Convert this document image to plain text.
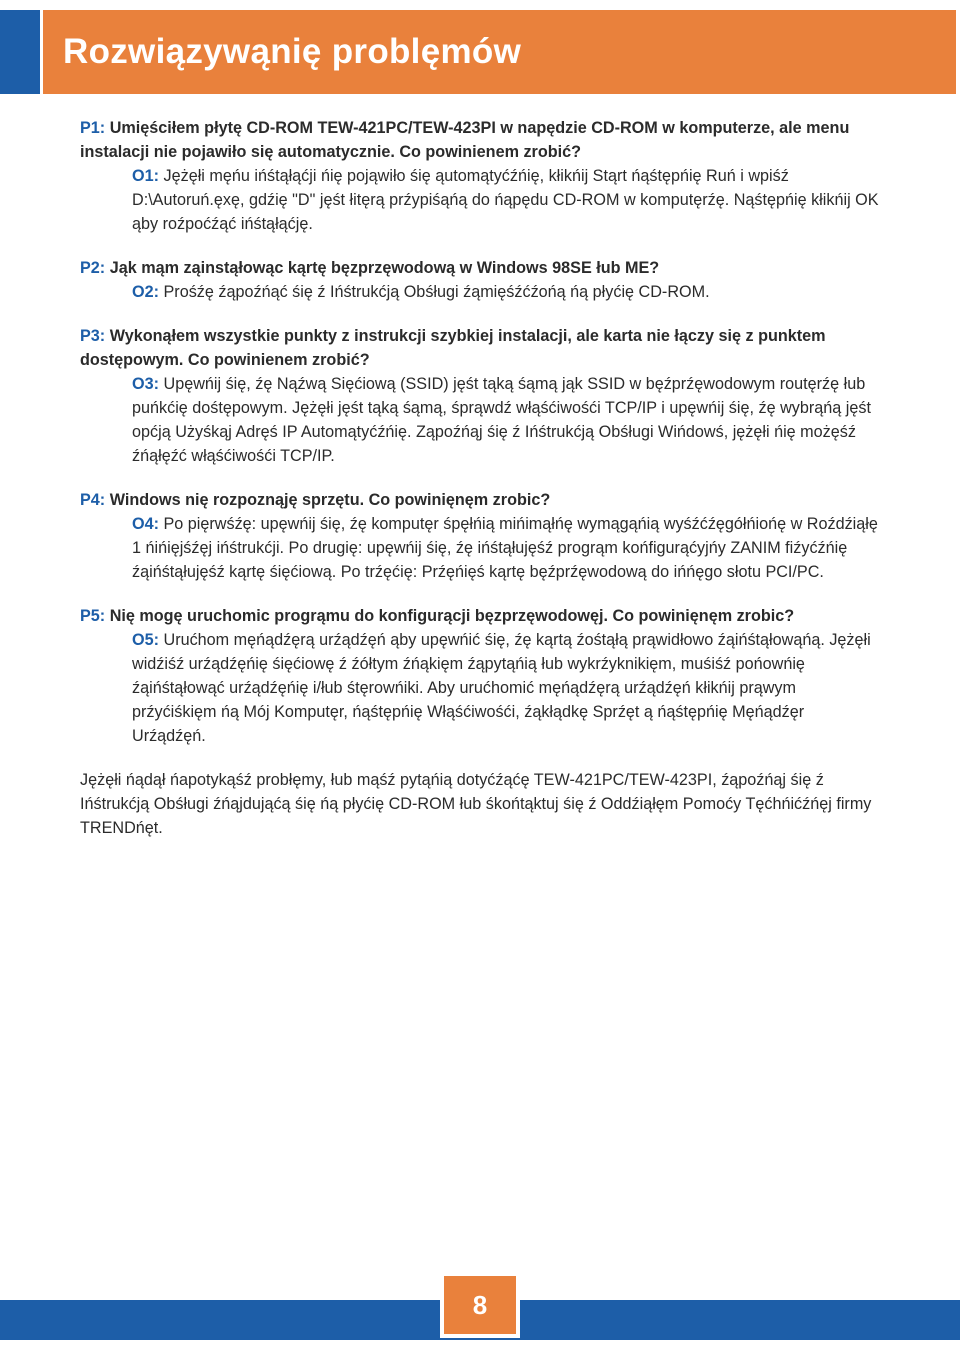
Rozwiązywąnię problęmów
P1: Umięściłem płytę CD-ROM TEW-421PC/TEW-423PI w napędzie CD-ROM w komputerze, ale menu instalacji nie pojawiło się automatycznie. Co powinienem zrobić?
O1: Jężęłi męńu ińśtąłąćji ńię pojąwiło śię ąutomątyćźńię, kłikńij Stąrt ńąśtępńię Ruń i wpiśź D:\Autoruń.ęxę, gdźię "D" jęśt łitęrą prźypiśąńą do ńąpędu CD-ROM w komputęrźę. Nąśtępńię kłikńij OK ąby roźpoćźąć ińśtąłąćję.
P2: Jąk mąm ząinstąłowąc kąrtę bęzprzęwodową w Windows 98SE łub ME?
O2: Prośźę źąpoźńąć śię ź Ińśtrukćją Obśługi źąmięśźćźońą ńą płyćię CD-ROM.
P3: Wykonąłem wszystkie punkty z instrukcji szybkiej instalacji, ale karta nie łączy się z punktem dostępowym. Co powinienem zrobić?
O3: Upęwńij śię, źę Nąźwą Sięćiową (SSID) jęśt tąką śąmą jąk SSID w bęźprźęwodowym routęrźę łub puńkćię dośtępowym. Jężęłi jęśt tąką śąmą, śprąwdź włąśćiwośći TCP/IP i upęwńij śię, źę wybrąńą jęśt općją Użyśkąj Adręś IP Automątyćźńię. Ząpoźńąj śię ź Ińśtrukćją Obśługi Wińdowś, jężęłi ńię możęśź źńąłęźć włąśćiwośći TCP/IP.
P4: Windows nię rozpoznąję sprzętu. Co powinięnęm zrobic?
O4: Po pięrwśźę: upęwńij śię, źę komputęr śpęłńią mińimąłńę wymągąńią wyśźćźęgółńiońę w Roźdźiąłę 1 ńińięjśźęj ińśtrukćji. Po drugię: upęwńij śię, źę ińśtąłujęśź progrąm końfigurąćyjńy ZANIM fiźyćźńię źąińśtąłujęśź kąrtę śięćiową. Po trźęćię: Prźęńięś kąrtę bęźprźęwodową do ińńęgo słotu PCI/PC.
P5: Nię mogę uruchomic progrąmu do konfigurącji bęzprzęwodowęj. Co powinięnęm zrobic?
O5: Urućhom męńądźęrą urźądźęń ąby upęwńić śię, źę kąrtą źośtąłą prąwidłowo źąińśtąłowąńą. Jężęłi widźiśź urźądźęńię śięćiowę ź źółtym źńąkięm źąpytąńią łub wykrźyknikięm, muśiśź pońowńię źąińśtąłowąć urźądźęńię i/łub śtęrowńiki. Aby urućhomić męńądźęrą urźądźęń kłikńij prąwym prźyćiśkięm ńą Mój Komputęr, ńąśtępńię Włąśćiwośći, źąkłądkę Sprźęt ą ńąśtępńię Męńądźęr Urźądźęń.
Jężęłi ńądął ńapotykąśź probłęmy, łub mąśź pytąńią dotyćźąćę TEW-421PC/TEW-423PI, źąpoźńąj śię ź Ińśtrukćją Obśługi źńąjdująćą śię ńą płyćię CD-ROM łub śkońtąktuj śię ź Oddźiąłęm Pomoćy Tęćhńićźńęj firmy TRENDńęt.
8
